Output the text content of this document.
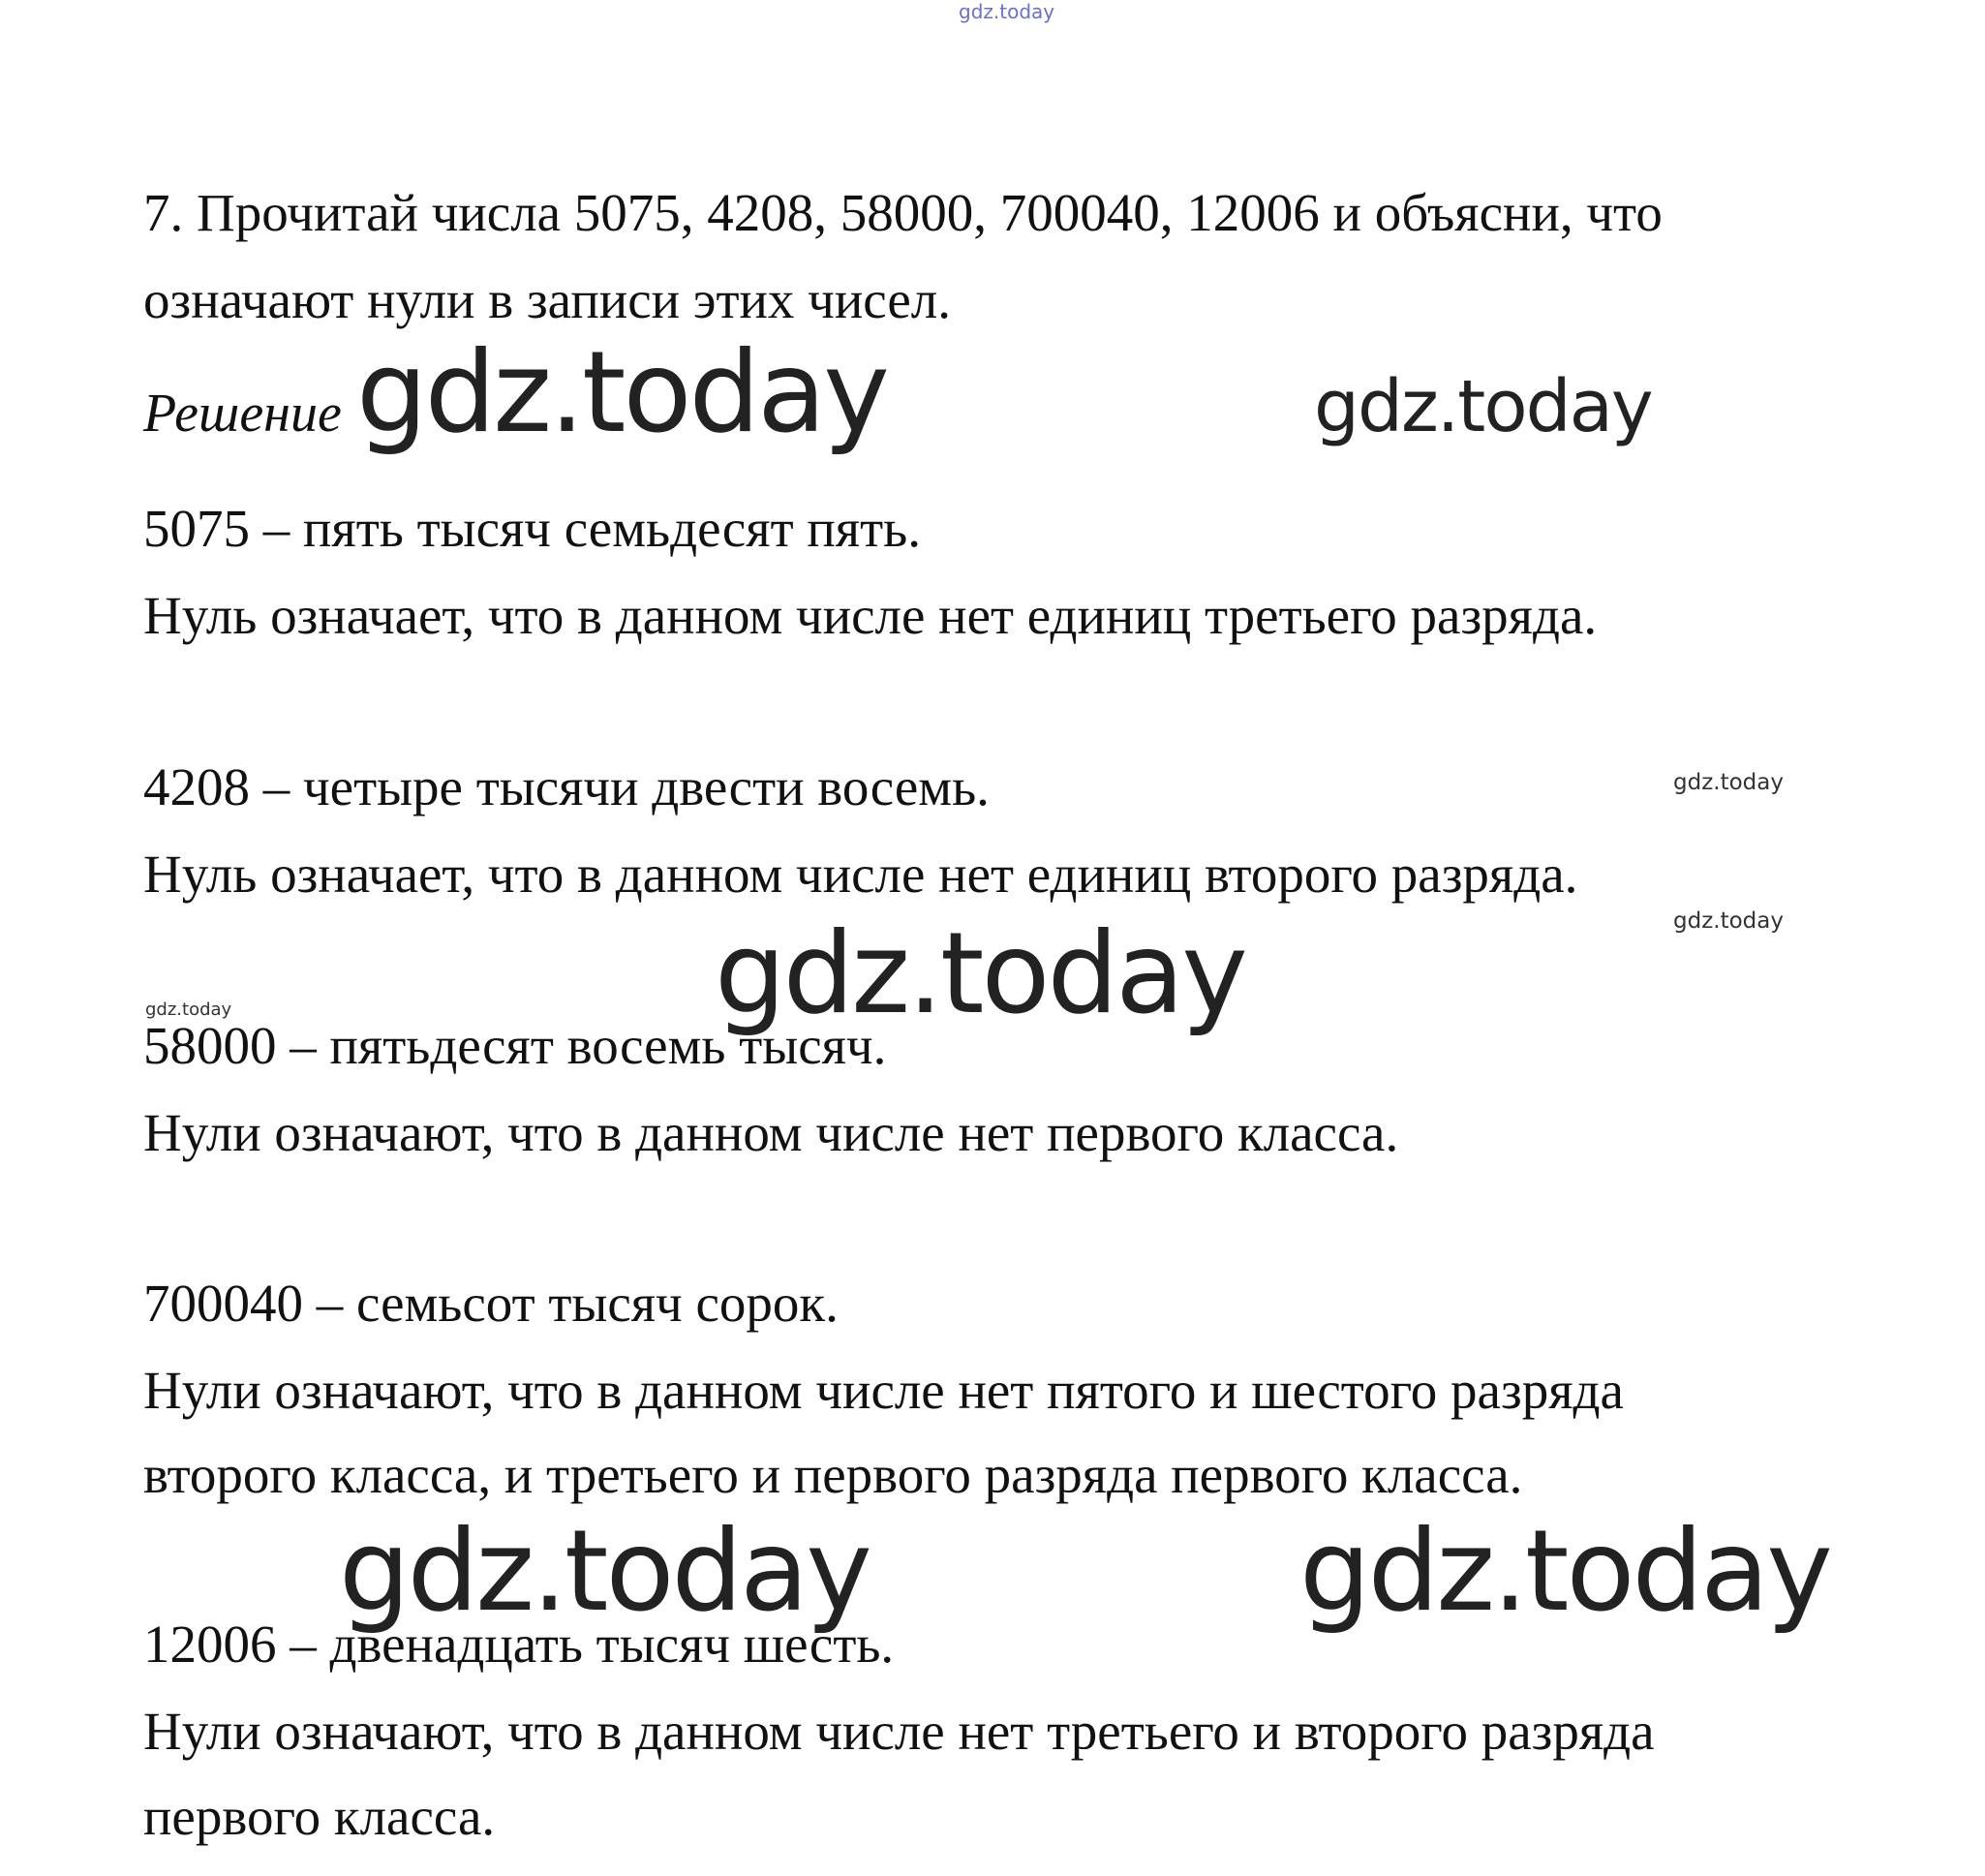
gdz.today

7. Прочитай числа 5075, 4208, 58000, 700040, 12006 и объясни, что

означают нули в записи этих чисел.

Решение gdz.today	gdz.today

5075 – пять тысяч семьдесят пять.

Нуль означает, что в данном числе нет единиц третьего разряда.

4208 – четыре тысячи двести восемь.	gdz.today

Нуль означает, что в данном числе нет единиц второго разряда.

gdz.today
gdz.today
gdz.today

58000 – пятьдесят восемь тысяч.

Нули означают, что в данном числе нет первого класса.

700040 – семьсот тысяч сорок.

Нули означают, что в данном числе нет пятого и шестого разряда

второго класса, и третьего и первого разряда первого класса.

gdz.today	gdz.today

12006 – двенадцать тысяч шесть.

Нули означают, что в данном числе нет третьего и второго разряда

первого класса.
